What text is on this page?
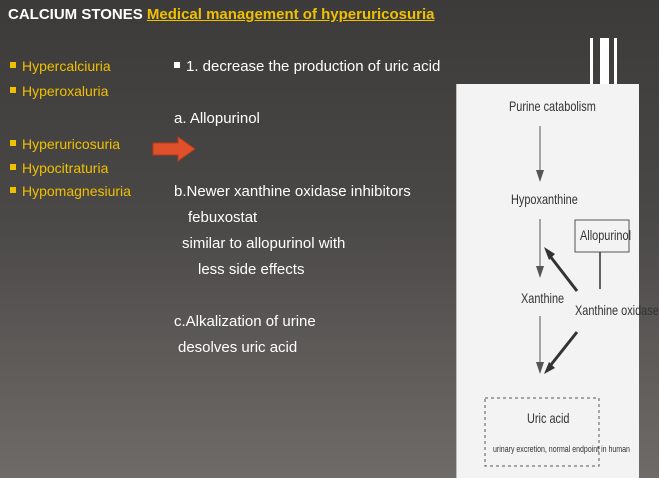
CALCIUM STONES Medical management of hyperuricosuria
Hypercalciuria
Hyperoxaluria
Hyperuricosuria
Hypocitraturia
Hypomagnesiuria
1. decrease the production of uric acid
a. Allopurinol
b.Newer xanthine oxidase inhibitors
febuxostat
similar to allopurinol with
less side effects
c.Alkalization of urine
desolves uric acid
Purine catabolism
Hypoxanthine
Allopurinol
Xanthine
Xanthine oxidase
Uric acid
urinary excretion, normal endpoint in human
